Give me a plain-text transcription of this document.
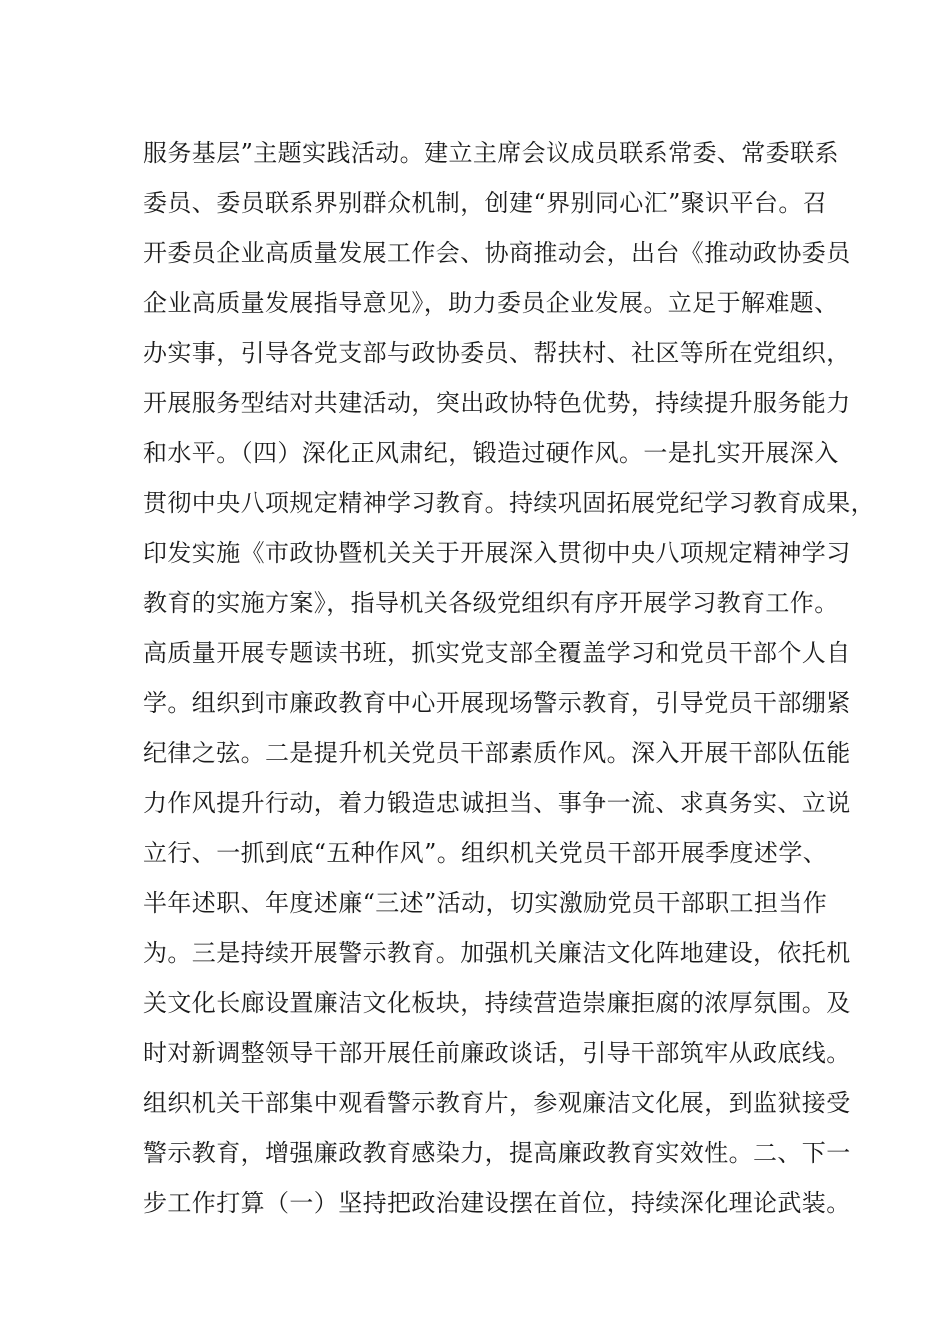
服务基层”主题实践活动。建立主席会议成员联系常委、常委联系
委员、委员联系界别群众机制，创建“界别同心汇”聚识平台。召
开委员企业高质量发展工作会、协商推动会，出台《推动政协委员
企业高质量发展指导意见》，助力委员企业发展。立足于解难题、
办实事，引导各党支部与政协委员、帮扶村、社区等所在党组织，
开展服务型结对共建活动，突出政协特色优势，持续提升服务能力
和水平。（四）深化正风肃纪，锻造过硬作风。一是扎实开展深入
贯彻中央八项规定精神学习教育。持续巩固拓展党纪学习教育成果，
印发实施《市政协暨机关关于开展深入贯彻中央八项规定精神学习
教育的实施方案》，指导机关各级党组织有序开展学习教育工作。
高质量开展专题读书班，抓实党支部全覆盖学习和党员干部个人自
学。组织到市廉政教育中心开展现场警示教育，引导党员干部绷紧
纪律之弦。二是提升机关党员干部素质作风。深入开展干部队伍能
力作风提升行动，着力锻造忠诚担当、事争一流、求真务实、立说
立行、一抓到底“五种作风”。组织机关党员干部开展季度述学、
半年述职、年度述廉“三述”活动，切实激励党员干部职工担当作
为。三是持续开展警示教育。加强机关廉洁文化阵地建设，依托机
关文化长廊设置廉洁文化板块，持续营造崇廉拒腐的浓厚氛围。及
时对新调整领导干部开展任前廉政谈话，引导干部筑牢从政底线。
组织机关干部集中观看警示教育片，参观廉洁文化展，到监狱接受
警示教育，增强廉政教育感染力，提高廉政教育实效性。二、下一
步工作打算（一）坚持把政治建设摆在首位，持续深化理论武装。
